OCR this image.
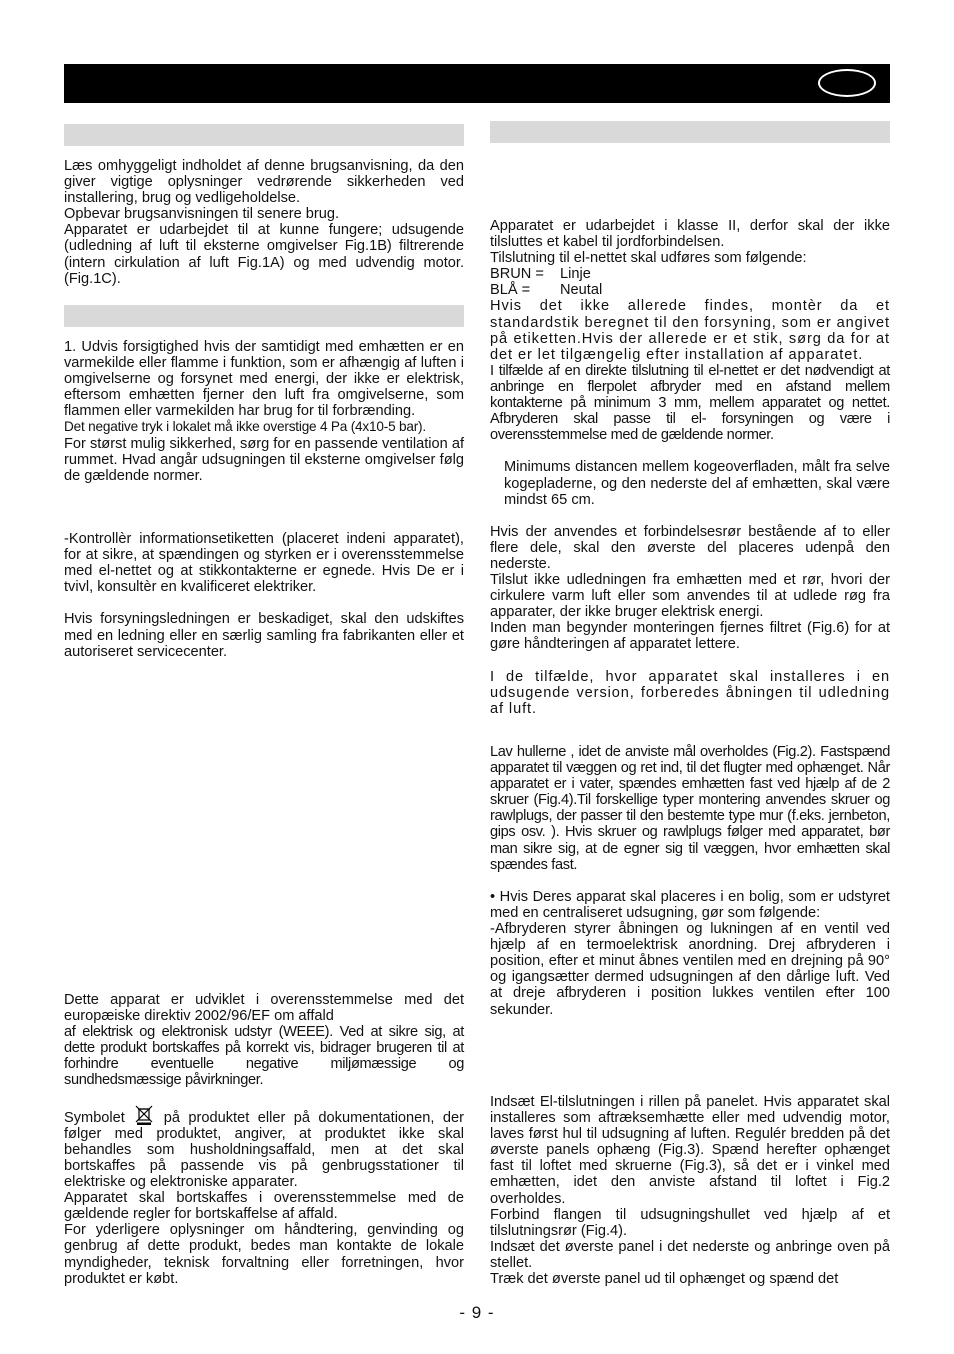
Læs omhyggeligt indholdet af denne brugsanvisning, da den giver vigtige oplysninger vedrørende sikkerheden ved installering, brug og vedligeholdelse.

Opbevar brugsanvisningen til senere brug.

Apparatet er udarbejdet til at kunne fungere; udsugende (udledning af luft til eksterne omgivelser Fig.1B) filtrerende (intern cirkulation af luft Fig.1A) og med udvendig motor. (Fig.1C).

1. Udvis forsigtighed hvis der samtidigt med emhætten er en varmekilde eller flamme i funktion, som er afhængig af luften i omgivelserne og forsynet med energi, der ikke er elektrisk, eftersom emhætten fjerner den luft fra omgivelserne, som flammen eller varmekilden har brug for til forbrænding.

Det negative tryk i lokalet må ikke overstige 4 Pa (4x10-5 bar).

For størst mulig sikkerhed, sørg for en passende ventilation af rummet. Hvad angår udsugningen til eksterne omgivelser følg de gældende normer.

-Kontrollèr informationsetiketten (placeret indeni apparatet), for at sikre, at spændingen og styrken er i overensstemmelse med el-nettet og at stikkontakterne er egnede. Hvis De er i tvivl, konsultèr en kvalificeret elektriker.

Hvis forsyningsledningen er beskadiget, skal den udskiftes med en ledning eller en særlig samling fra fabrikanten eller et autoriseret servicecenter.

Dette apparat er udviklet i overensstemmelse med det europæiske direktiv 2002/96/EF om affald

af elektrisk og elektronisk udstyr (WEEE). Ved at sikre sig, at dette produkt bortskaffes på korrekt vis, bidrager brugeren til at forhindre eventuelle negative miljømæssige og sundhedsmæssige påvirkninger.

Symbolet	på produktet eller på dokumentationen, der følger med produktet, angiver, at produktet ikke skal behandles som husholdningsaffald, men at det skal bortskaffes på passende vis på genbrugsstationer til elektriske og elektroniske apparater.

Apparatet skal bortskaffes i overensstemmelse med de gældende regler for bortskaffelse af affald.

For yderligere oplysninger om håndtering, genvinding og genbrug af dette produkt, bedes man kontakte de lokale myndigheder, teknisk forvaltning eller forretningen, hvor produktet er købt.

Apparatet er udarbejdet i klasse II, derfor skal der ikke tilsluttes et kabel til jordforbindelsen.

Tilslutning til el-nettet skal udføres som følgende:

BRUN = Linje

BLÅ = Neutal

Hvis det ikke allerede findes, montèr da et standardstik beregnet til den forsyning, som er angivet på etiketten.Hvis der allerede er et stik, sørg da for at det er let tilgængelig efter installation af apparatet.

I tilfælde af en direkte tilslutning til el-nettet er det nødvendigt at anbringe en flerpolet afbryder med en afstand mellem kontakterne på minimum 3 mm, mellem apparatet og nettet. Afbryderen skal passe til el- forsyningen og være i overensstemmelse med de gældende normer.

Minimums distancen mellem kogeoverfladen, målt fra selve kogepladerne, og den nederste del af emhætten, skal være mindst 65 cm.

Hvis der anvendes et forbindelsesrør bestående af to eller flere dele, skal den øverste del placeres udenpå den nederste.

Tilslut ikke udledningen fra emhætten med et rør, hvori der cirkulere varm luft eller som anvendes til at udlede røg fra apparater, der ikke bruger elektrisk energi.

Inden man begynder monteringen fjernes filtret (Fig.6) for at gøre håndteringen af apparatet lettere.

I de tilfælde, hvor apparatet skal installeres i en udsugende version, forberedes åbningen til udledning af luft.

Lav hullerne , idet de anviste mål overholdes (Fig.2). Fastspænd apparatet til væggen og ret ind, til det flugter med ophænget. Når apparatet er i vater, spændes emhætten fast ved hjælp af de 2 skruer (Fig.4).Til forskellige typer montering anvendes skruer og rawlplugs, der passer til den bestemte type mur (f.eks. jernbeton, gips osv. ). Hvis skruer og rawlplugs følger med apparatet, bør man sikre sig, at de egner sig til væggen, hvor emhætten skal spændes fast.

• Hvis Deres apparat skal placeres i en bolig, som er udstyret med en centraliseret udsugning, gør som følgende:

-Afbryderen styrer åbningen og lukningen af en ventil ved hjælp af en termoelektrisk anordning. Drej afbryderen i position, efter et minut åbnes ventilen med en drejning på 90° og igangsætter dermed udsugningen af den dårlige luft. Ved at dreje afbryderen i position lukkes ventilen efter 100 sekunder.

Indsæt El-tilslutningen i rillen på panelet. Hvis apparatet skal installeres som aftræksemhætte eller med udvendig motor, laves først hul til udsugning af luften. Regulér bredden på det øverste panels ophæng (Fig.3). Spænd herefter ophænget fast til loftet med skruerne (Fig.3), så det er i vinkel med emhætten, idet den anviste afstand til loftet i Fig.2 overholdes.

Forbind flangen til udsugningshullet ved hjælp af et tilslutningsrør (Fig.4).

Indsæt det øverste panel i det nederste og anbringe oven på stellet.

Træk det øverste panel ud til ophænget og spænd det

- 9 -
